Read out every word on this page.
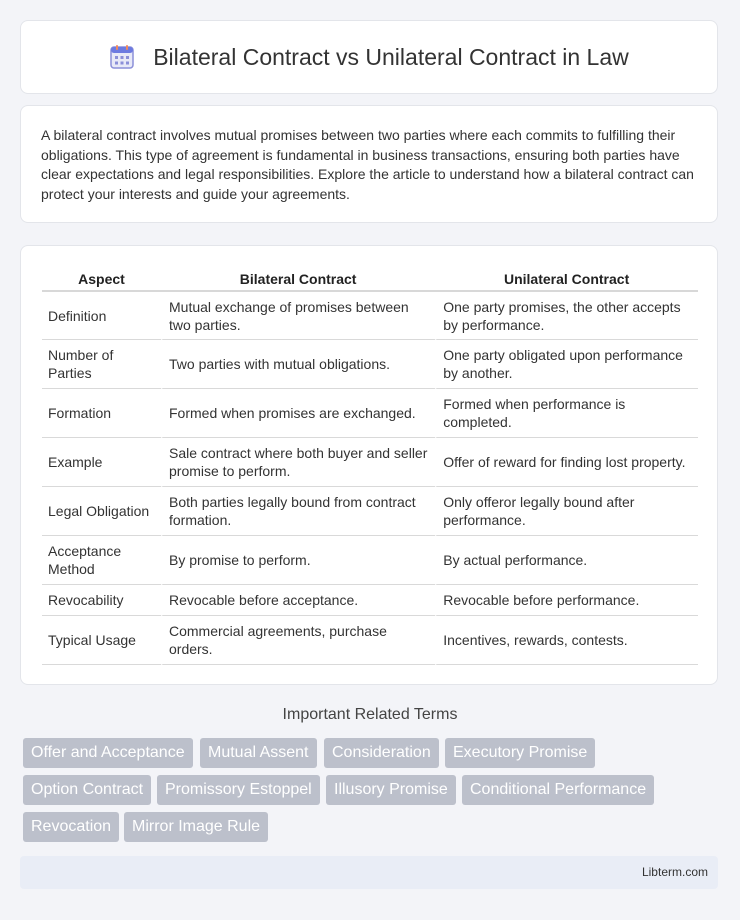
Bilateral Contract vs Unilateral Contract in Law

A bilateral contract involves mutual promises between two parties where each commits to fulfilling their obligations. This type of agreement is fundamental in business transactions, ensuring both parties have clear expectations and legal responsibilities. Explore the article to understand how a bilateral contract can protect your interests and guide your agreements.

Aspect	Bilateral Contract	Unilateral Contract
Definition	Mutual exchange of promises between two parties.	One party promises, the other accepts by performance.
Number of Parties	Two parties with mutual obligations.	One party obligated upon performance by another.
Formation	Formed when promises are exchanged.	Formed when performance is completed.
Example	Sale contract where both buyer and seller promise to perform.	Offer of reward for finding lost property.
Legal Obligation	Both parties legally bound from contract formation.	Only offeror legally bound after performance.
Acceptance Method	By promise to perform.	By actual performance.
Revocability	Revocable before acceptance.	Revocable before performance.
Typical Usage	Commercial agreements, purchase orders.	Incentives, rewards, contests.
Important Related Terms
Offer and Acceptance	Mutual Assent	Consideration	Executory Promise
Option Contract	Promissory Estoppel	Illusory Promise	Conditional Performance
Revocation	Mirror Image Rule
Libterm.com
